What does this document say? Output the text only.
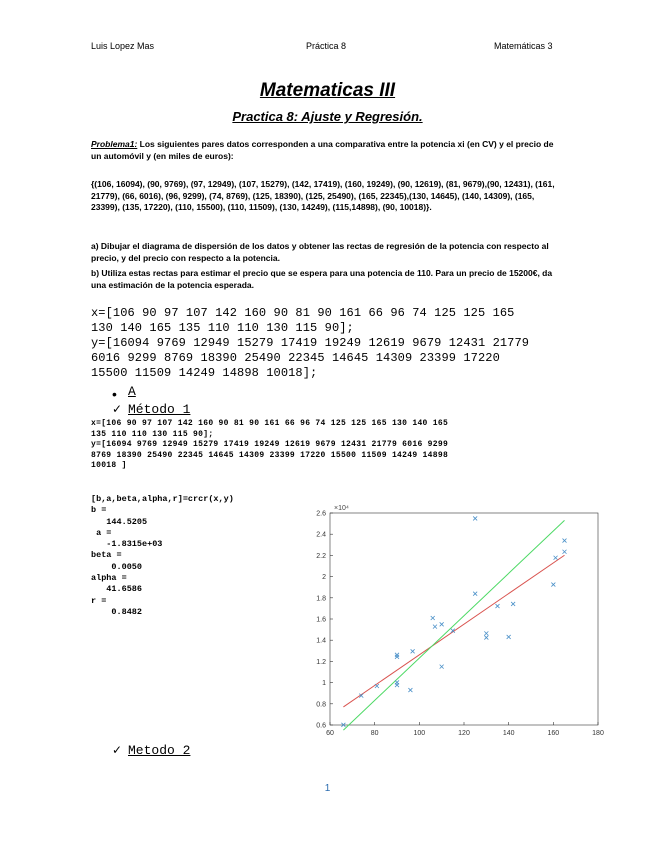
Luis Lopez Mas	Práctica 8	Matemáticas 3
Matematicas III
Practica 8: Ajuste y Regresión.
Problema1: Los siguientes pares datos corresponden a una comparativa entre la potencia xi (en CV) y el precio de un automóvil y (en miles de euros):
{(106, 16094), (90, 9769), (97, 12949), (107, 15279), (142, 17419), (160, 19249), (90, 12619), (81, 9679),(90, 12431), (161, 21779), (66, 6016), (96, 9299), (74, 8769), (125, 18390), (125, 25490), (165, 22345),(130, 14645), (140, 14309), (165, 23399), (135, 17220), (110, 15500), (110, 11509), (130, 14249), (115,14898), (90, 10018)}.
a) Dibujar el diagrama de dispersión de los datos y obtener las rectas de regresión de la potencia con respecto al precio, y del precio con respecto a la potencia.
b) Utiliza estas rectas para estimar el precio que se espera para una potencia de 110. Para un precio de 15200€, da una estimación de la potencia esperada.
x=[106 90 97 107 142 160 90 81 90 161 66 96 74 125 125 165
130 140 165 135 110 110 130 115 90];
y=[16094 9769 12949 15279 17419 19249 12619 9679 12431 21779
6016 9299 8769 18390 25490 22345 14645 14309 23399 17220
15500 11509 14249 14898 10018];
• A
✓ Método 1
x=[106 90 97 107 142 160 90 81 90 161 66 96 74 125 125 165 130 140 165
135 110 110 130 115 90];
y=[16094 9769 12949 15279 17419 19249 12619 9679 12431 21779 6016 9299
8769 18390 25490 22345 14645 14309 23399 17220 15500 11509 14249 14898
10018 ]
[b,a,beta,alpha,r]=crcr(x,y)
b =
144.5205
a =
-1.8315e+03
beta =
0.0050
alpha =
41.6586
r =
0.8482
×10⁴
60	80	100	120	140	160	180
0.6
0.8
1
1.2
1.4
1.6
1.8
2
2.2
2.4
2.6
✓ Metodo 2
1
